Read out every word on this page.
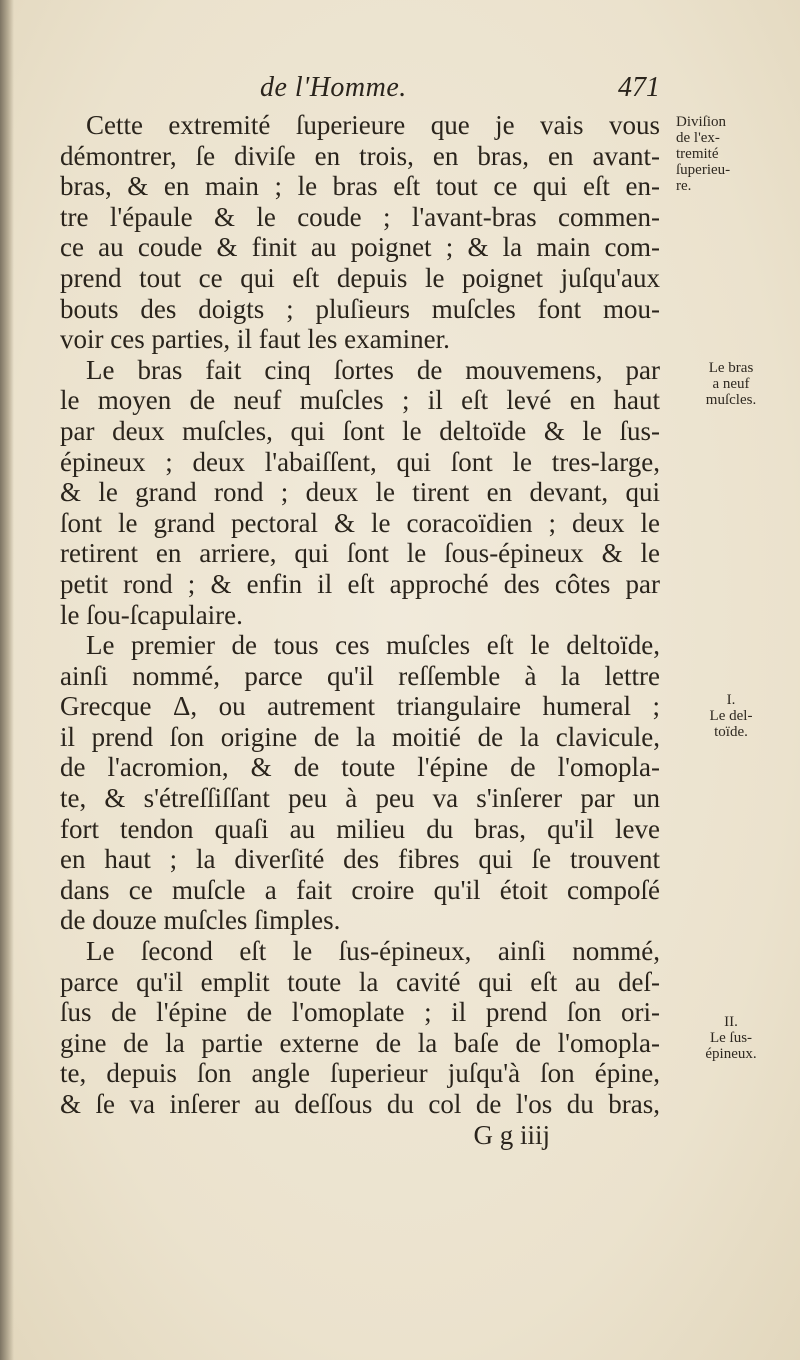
de l'Homme.	471
Cette extremité ſuperieure que je vais vous
démontrer, ſe diviſe en trois, en bras, en avant-
bras, & en main ; le bras eſt tout ce qui eſt en-
tre l'épaule & le coude ; l'avant-bras commen-
ce au coude & finit au poignet ; & la main com-
prend tout ce qui eſt depuis le poignet juſqu'aux
bouts des doigts ; pluſieurs muſcles font mou-
voir ces parties, il faut les examiner.
Le bras fait cinq ſortes de mouvemens, par
le moyen de neuf muſcles ; il eſt levé en haut
par deux muſcles, qui ſont le deltoïde & le ſus-
épineux ; deux l'abaiſſent, qui ſont le tres-large,
& le grand rond ; deux le tirent en devant, qui
ſont le grand pectoral & le coracoïdien ; deux le
retirent en arriere, qui ſont le ſous-épineux & le
petit rond ; & enfin il eſt approché des côtes par
le ſou-ſcapulaire.
Le premier de tous ces muſcles eſt le deltoïde,
ainſi nommé, parce qu'il reſſemble à la lettre
Grecque Δ, ou autrement triangulaire humeral ;
il prend ſon origine de la moitié de la clavicule,
de l'acromion, & de toute l'épine de l'omopla-
te, & s'étreſſiſſant peu à peu va s'inſerer par un
fort tendon quaſi au milieu du bras, qu'il leve
en haut ; la diverſité des fibres qui ſe trouvent
dans ce muſcle a fait croire qu'il étoit compoſé
de douze muſcles ſimples.
Le ſecond eſt le ſus-épineux, ainſi nommé,
parce qu'il emplit toute la cavité qui eſt au deſ-
ſus de l'épine de l'omoplate ; il prend ſon ori-
gine de la partie externe de la baſe de l'omopla-
te, depuis ſon angle ſuperieur juſqu'à ſon épine,
& ſe va inſerer au deſſous du col de l'os du bras,
G g iiij
Diviſion
de l'ex-
tremité
ſuperieu-
re.
Le bras
a neuf
muſcles.
I.
Le del-
toïde.
II.
Le ſus-
épineux.
